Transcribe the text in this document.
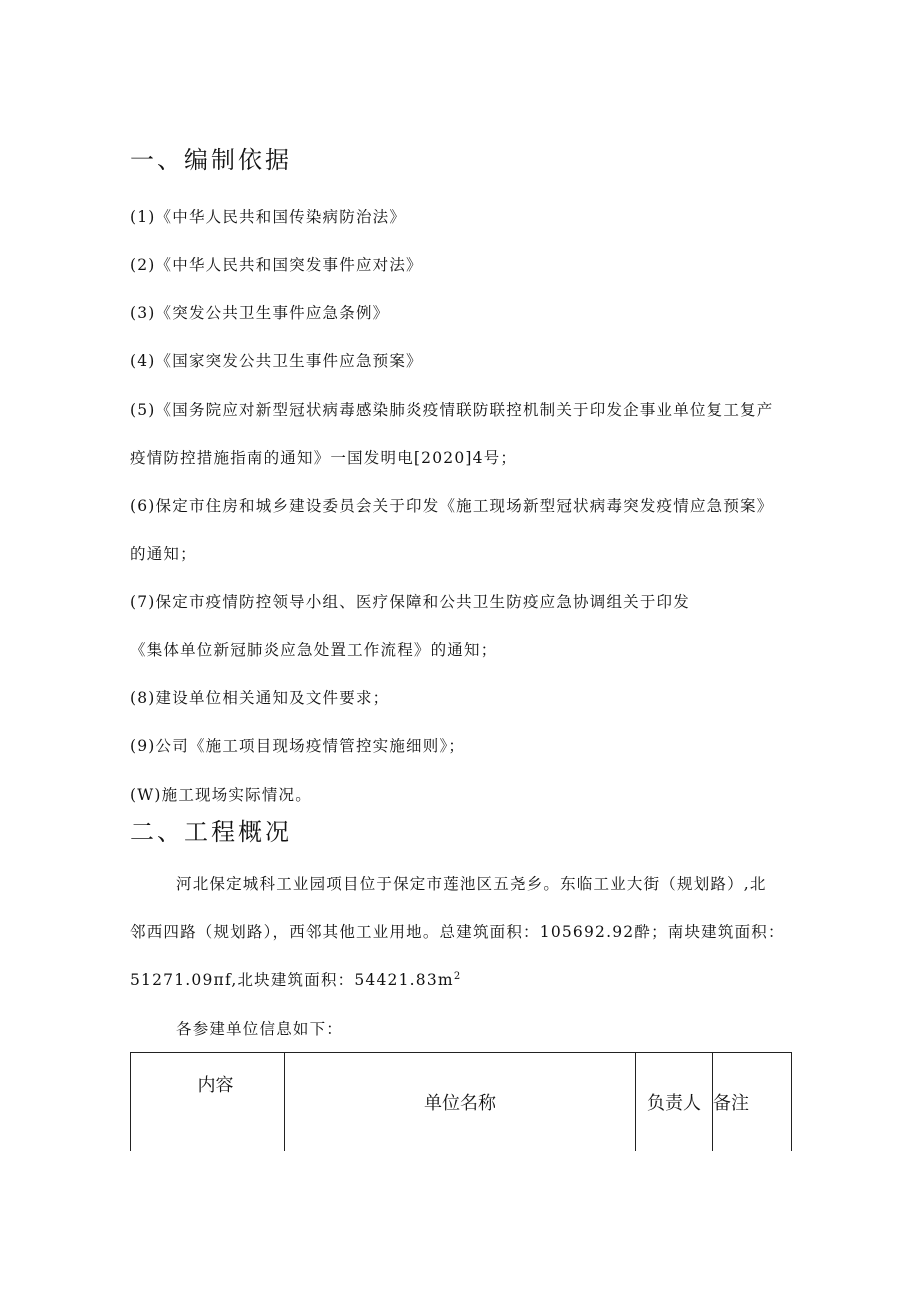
一、编制依据
(1)《中华人民共和国传染病防治法》
(2)《中华人民共和国突发事件应对法》
(3)《突发公共卫生事件应急条例》
(4)《国家突发公共卫生事件应急预案》
(5)《国务院应对新型冠状病毒感染肺炎疫情联防联控机制关于印发企事业单位复工复产
疫情防控措施指南的通知》一国发明电[2020]4号；
(6)保定市住房和城乡建设委员会关于印发《施工现场新型冠状病毒突发疫情应急预案》
的通知；
(7)保定市疫情防控领导小组、医疗保障和公共卫生防疫应急协调组关于印发
《集体单位新冠肺炎应急处置工作流程》的通知；
(8)建设单位相关通知及文件要求；
(9)公司《施工项目现场疫情管控实施细则》；
(W)施工现场实际情况。
二、工程概况
河北保定城科工业园项目位于保定市莲池区五尧乡。东临工业大街（规划路）,北
邻西四路（规划路），西邻其他工业用地。总建筑面积：105692.92酔；南块建筑面积：
51271.09πf,北块建筑面积：$54421.83m^2$
各参建单位信息如下：
内容	单位名称	负责人	备注
